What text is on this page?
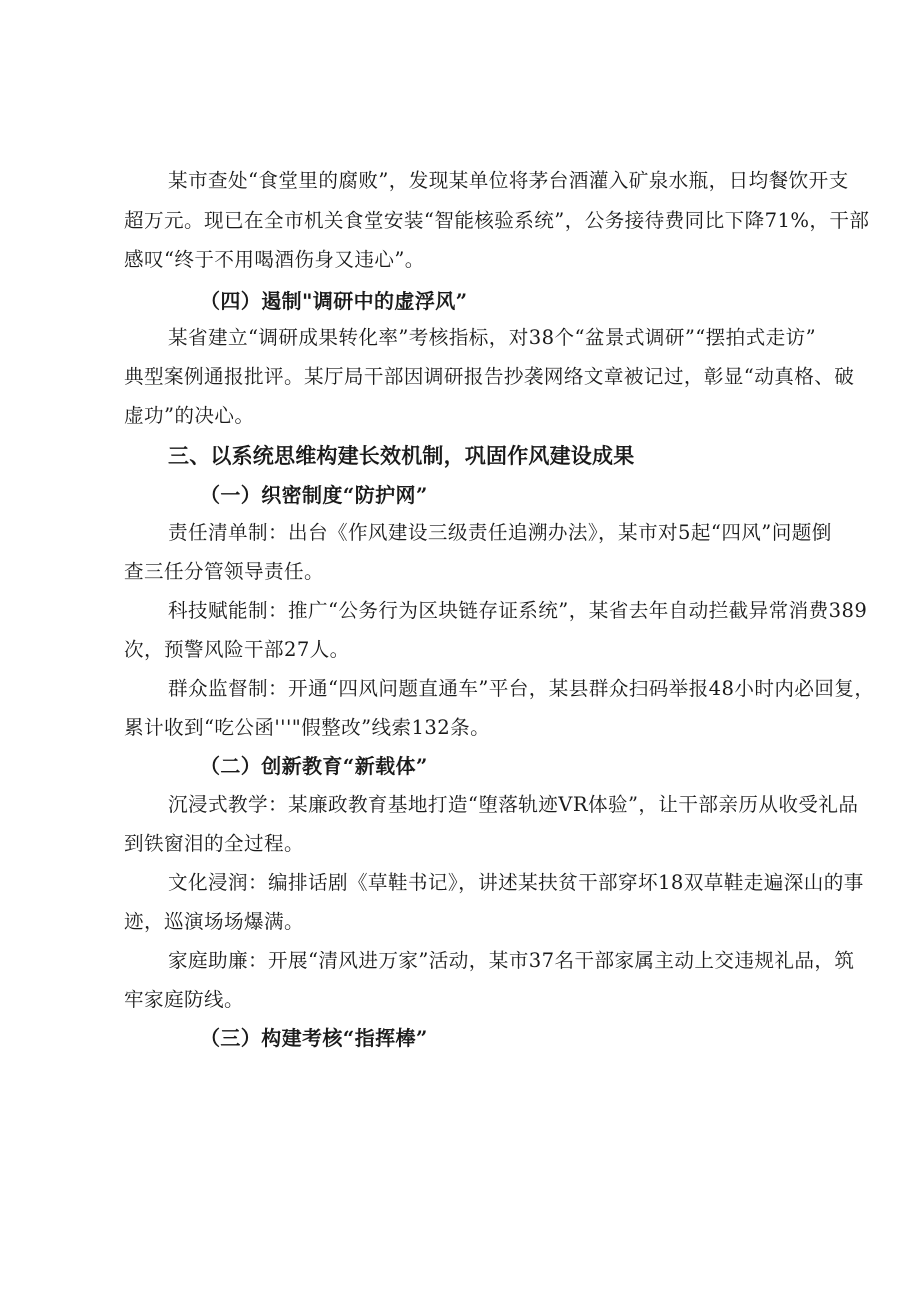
某市查处“食堂里的腐败”，发现某单位将茅台酒灌入矿泉水瓶，日均餐饮开支
超万元。现已在全市机关食堂安装“智能核验系统”，公务接待费同比下降71%，干部
感叹“终于不用喝酒伤身又违心”。
（四）遏制"调研中的虚浮风”
某省建立“调研成果转化率”考核指标，对38个“盆景式调研”“摆拍式走访”
典型案例通报批评。某厅局干部因调研报告抄袭网络文章被记过，彰显“动真格、破
虚功”的决心。
三、以系统思维构建长效机制，巩固作风建设成果
（一）织密制度“防护网”
责任清单制：出台《作风建设三级责任追溯办法》，某市对5起“四风”问题倒
查三任分管领导责任。
科技赋能制：推广“公务行为区块链存证系统”，某省去年自动拦截异常消费389
次，预警风险干部27人。
群众监督制：开通“四风问题直通车”平台，某县群众扫码举报48小时内必回复，
累计收到“吃公函'''"假整改”线索132条。
（二）创新教育“新载体”
沉浸式教学：某廉政教育基地打造“堕落轨迹VR体验”，让干部亲历从收受礼品
到铁窗泪的全过程。
文化浸润：编排话剧《草鞋书记》，讲述某扶贫干部穿坏18双草鞋走遍深山的事
迹，巡演场场爆满。
家庭助廉：开展“清风进万家”活动，某市37名干部家属主动上交违规礼品，筑
牢家庭防线。
（三）构建考核“指挥棒”
